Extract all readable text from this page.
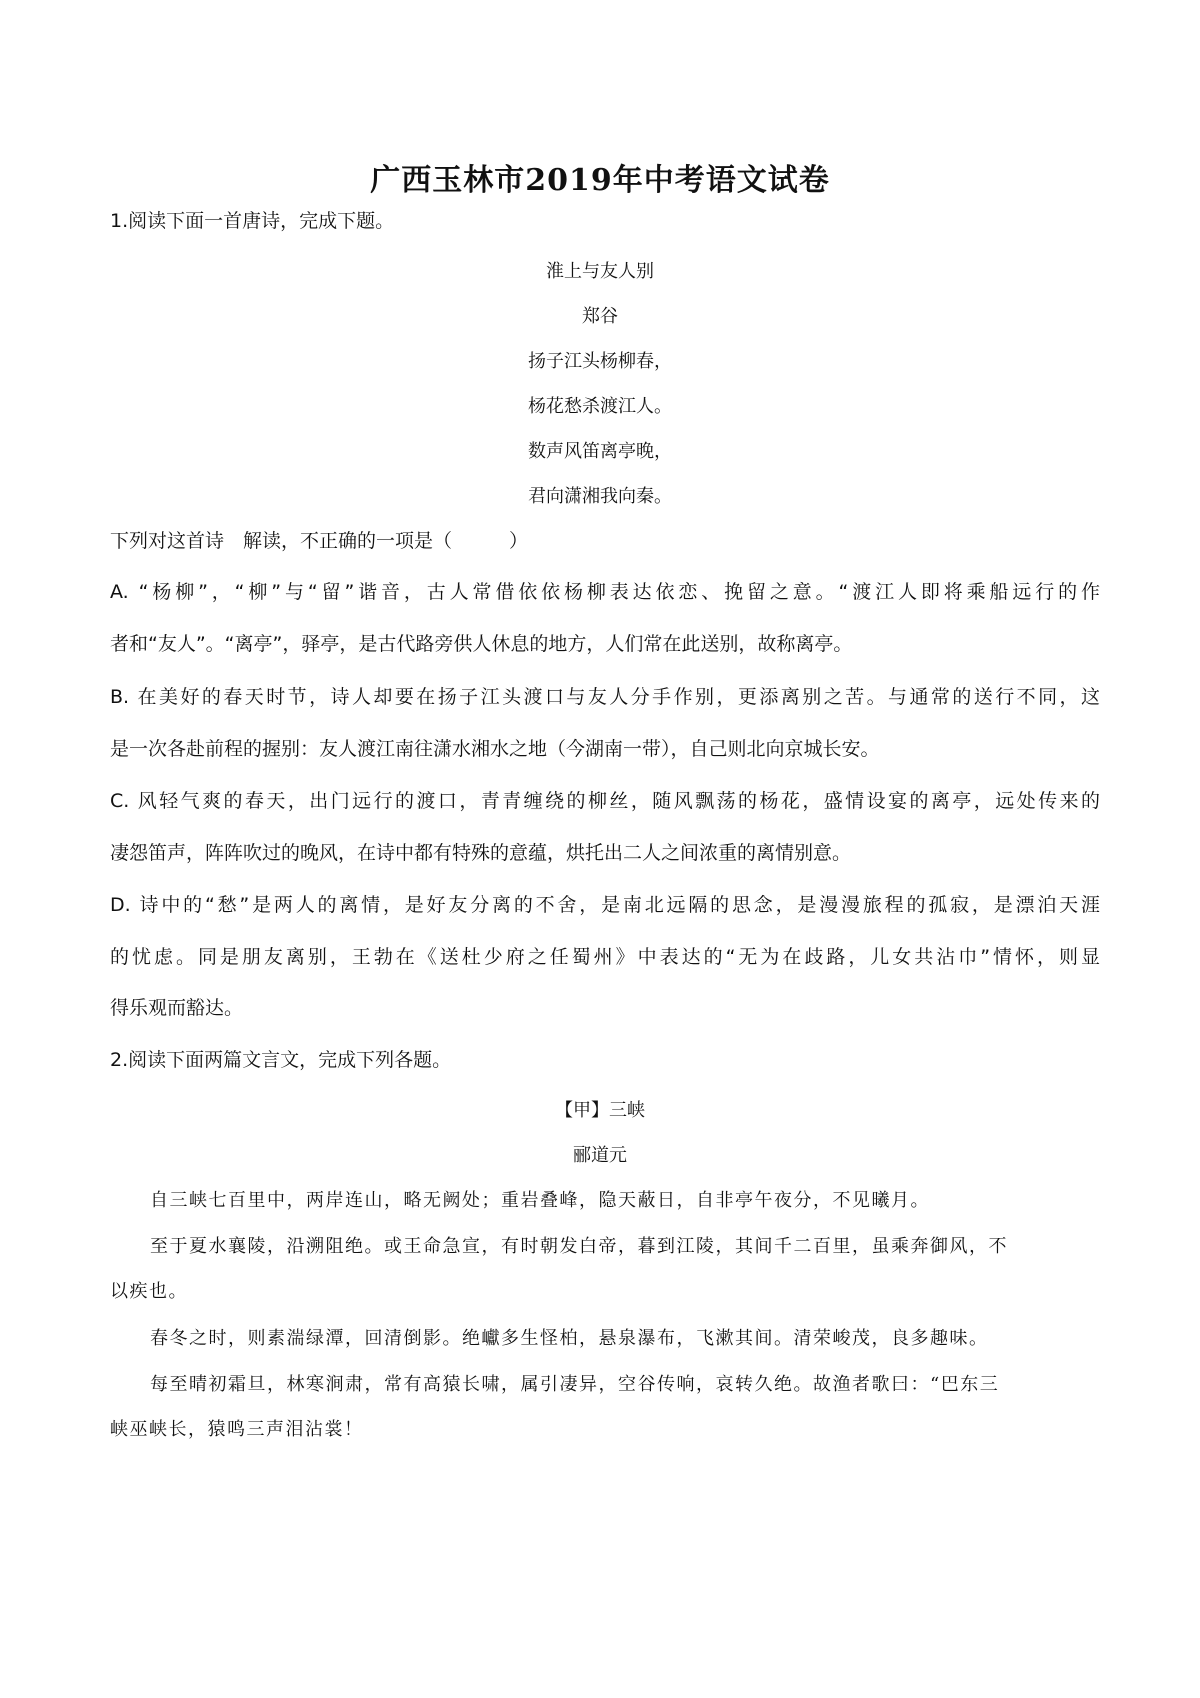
广西玉林市2019年中考语文试卷
1.阅读下面一首唐诗，完成下题。
淮上与友人别
郑谷
扬子江头杨柳春，
杨花愁杀渡江人。
数声风笛离亭晚，
君向潇湘我向秦。
下列对这首诗　解读，不正确的一项是（　　　）
A. “杨柳”，“柳”与“留”谐音，古人常借依依杨柳表达依恋、挽留之意。“渡江人即将乘船远行的作
者和“友人”。“离亭”，驿亭，是古代路旁供人休息的地方，人们常在此送别，故称离亭。
B. 在美好的春天时节，诗人却要在扬子江头渡口与友人分手作别，更添离别之苦。与通常的送行不同，这
是一次各赴前程的握别：友人渡江南往潇水湘水之地（今湖南一带），自己则北向京城长安。
C. 风轻气爽的春天，出门远行的渡口，青青缠绕的柳丝，随风飘荡的杨花，盛情设宴的离亭，远处传来的
凄怨笛声，阵阵吹过的晚风，在诗中都有特殊的意蕴，烘托出二人之间浓重的离情别意。
D. 诗中的“愁”是两人的离情，是好友分离的不舍，是南北远隔的思念，是漫漫旅程的孤寂，是漂泊天涯
的忧虑。同是朋友离别，王勃在《送杜少府之任蜀州》中表达的“无为在歧路，儿女共沾巾”情怀，则显
得乐观而豁达。
2.阅读下面两篇文言文，完成下列各题。
【甲】三峡
郦道元
自三峡七百里中，两岸连山，略无阙处；重岩叠峰，隐天蔽日，自非亭午夜分，不见曦月。
至于夏水襄陵，沿溯阻绝。或王命急宣，有时朝发白帝，暮到江陵，其间千二百里，虽乘奔御风，不
以疾也。
春冬之时，则素湍绿潭，回清倒影。绝巘多生怪柏，悬泉瀑布，飞漱其间。清荣峻茂，良多趣味。
每至晴初霜旦，林寒涧肃，常有高猿长啸，属引凄异，空谷传响，哀转久绝。故渔者歌曰：“巴东三
峡巫峡长，猿鸣三声泪沾裳！
